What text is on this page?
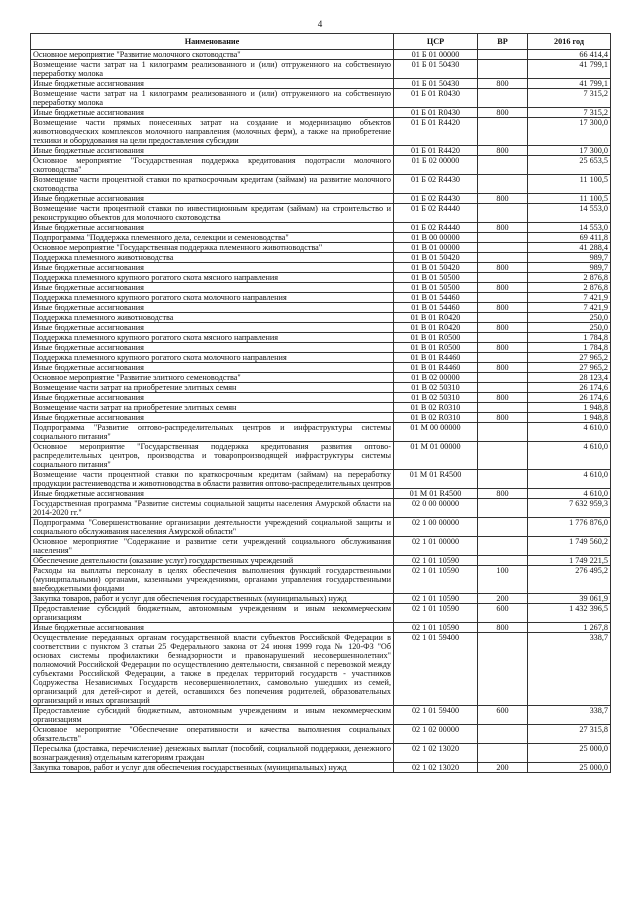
4
Наименование	ЦСР	ВР	2016 год
Основное мероприятие "Развитие молочного скотоводства"	01 Б 01 00000		66 414,4
Возмещение части затрат на 1 килограмм реализованного и (или) отгруженного на собственную переработку молока	01 Б 01 50430		41 799,1
Иные бюджетные ассигнования	01 Б 01 50430	800	41 799,1
Возмещение части затрат на 1 килограмм реализованного и (или) отгруженного на собственную переработку молока	01 Б 01 R0430		7 315,2
Иные бюджетные ассигнования	01 Б 01 R0430	800	7 315,2
Возмещение части прямых понесенных затрат на создание и модернизацию объектов животноводческих комплексов молочного направления (молочных ферм), а также на приобретение техники и оборудования на цели предоставления субсидии	01 Б 01 R4420		17 300,0
Иные бюджетные ассигнования	01 Б 01 R4420	800	17 300,0
Основное мероприятие "Государственная поддержка кредитования подотрасли молочного скотоводства"	01 Б 02 00000		25 653,5
Возмещение части процентной ставки по краткосрочным кредитам (займам) на развитие молочного скотоводства	01 Б 02 R4430		11 100,5
Иные бюджетные ассигнования	01 Б 02 R4430	800	11 100,5
Возмещение части процентной ставки по инвестиционным кредитам (займам) на строительство и реконструкцию объектов для молочного скотоводства	01 Б 02 R4440		14 553,0
Иные бюджетные ассигнования	01 Б 02 R4440	800	14 553,0
Подпрограмма "Поддержка племенного дела, селекции и семеноводства"	01 В 00 00000		69 411,8
Основное мероприятие "Государственная поддержка племенного животноводства"	01 В 01 00000		41 288,4
Поддержка племенного животноводства	01 В 01 50420		989,7
Иные бюджетные ассигнования	01 В 01 50420	800	989,7
Поддержка племенного крупного рогатого скота мясного направления	01 В 01 50500		2 876,8
Иные бюджетные ассигнования	01 В 01 50500	800	2 876,8
Поддержка племенного крупного рогатого скота молочного направления	01 В 01 54460		7 421,9
Иные бюджетные ассигнования	01 В 01 54460	800	7 421,9
Поддержка племенного животноводства	01 В 01 R0420		250,0
Иные бюджетные ассигнования	01 В 01 R0420	800	250,0
Поддержка племенного крупного рогатого скота мясного направления	01 В 01 R0500		1 784,8
Иные бюджетные ассигнования	01 В 01 R0500	800	1 784,8
Поддержка племенного крупного рогатого скота молочного направления	01 В 01 R4460		27 965,2
Иные бюджетные ассигнования	01 В 01 R4460	800	27 965,2
Основное мероприятие "Развитие элитного семеноводства"	01 В 02 00000		28 123,4
Возмещение части затрат на приобретение элитных семян	01 В 02 50310		26 174,6
Иные бюджетные ассигнования	01 В 02 50310	800	26 174,6
Возмещение части затрат на приобретение элитных семян	01 В 02 R0310		1 948,8
Иные бюджетные ассигнования	01 В 02 R0310	800	1 948,8
Подпрограмма "Развитие оптово-распределительных центров и инфраструктуры системы социального питания"	01 М 00 00000		4 610,0
Основное мероприятие "Государственная поддержка кредитования развития оптово-распределительных центров, производства и товаропроизводящей инфраструктуры системы социального питания"	01 М 01 00000		4 610,0
Возмещение части процентной ставки по краткосрочным кредитам (займам) на переработку продукции растениеводства и животноводства в области развития оптово-распределительных центров	01 М 01 R4500		4 610,0
Иные бюджетные ассигнования	01 М 01 R4500	800	4 610,0
Государственная программа "Развитие системы социальной защиты населения Амурской области на 2014-2020 гг."	02 0 00 00000		7 632 959,3
Подпрограмма "Совершенствование организации деятельности учреждений социальной защиты и социального обслуживания населения Амурской области"	02 1 00 00000		1 776 876,0
Основное мероприятие "Содержание и развитие сети учреждений социального обслуживания населения"	02 1 01 00000		1 749 560,2
Обеспечение деятельности (оказание услуг) государственных учреждений	02 1 01 10590		1 749 221,5
Расходы на выплаты персоналу в целях обеспечения выполнения функций государственными (муниципальными) органами, казенными учреждениями, органами управления государственными внебюджетными фондами	02 1 01 10590	100	276 495,2
Закупка товаров, работ и услуг для обеспечения государственных (муниципальных) нужд	02 1 01 10590	200	39 061,9
Предоставление субсидий бюджетным, автономным учреждениям и иным некоммерческим организациям	02 1 01 10590	600	1 432 396,5
Иные бюджетные ассигнования	02 1 01 10590	800	1 267,8
Осуществление переданных органам государственной власти субъектов Российской Федерации в соответствии с пунктом 3 статьи 25 Федерального закона от 24 июня 1999 года № 120-ФЗ "Об основах системы профилактики безнадзорности и правонарушений несовершеннолетних" полномочий Российской Федерации по осуществлению деятельности, связанной с перевозкой между субъектами Российской Федерации, а также в пределах территорий государств - участников Содружества Независимых Государств несовершеннолетних, самовольно ушедших из семей, организаций для детей-сирот и детей, оставшихся без попечения родителей, образовательных организаций и иных организаций	02 1 01 59400		338,7
Предоставление субсидий бюджетным, автономным учреждениям и иным некоммерческим организациям	02 1 01 59400	600	338,7
Основное мероприятие "Обеспечение оперативности и качества выполнения социальных обязательств"	02 1 02 00000		27 315,8
Пересылка (доставка, перечисление) денежных выплат (пособий, социальной поддержки, денежного вознаграждения) отдельным категориям граждан	02 1 02 13020		25 000,0
Закупка товаров, работ и услуг для обеспечения государственных (муниципальных) нужд	02 1 02 13020	200	25 000,0
